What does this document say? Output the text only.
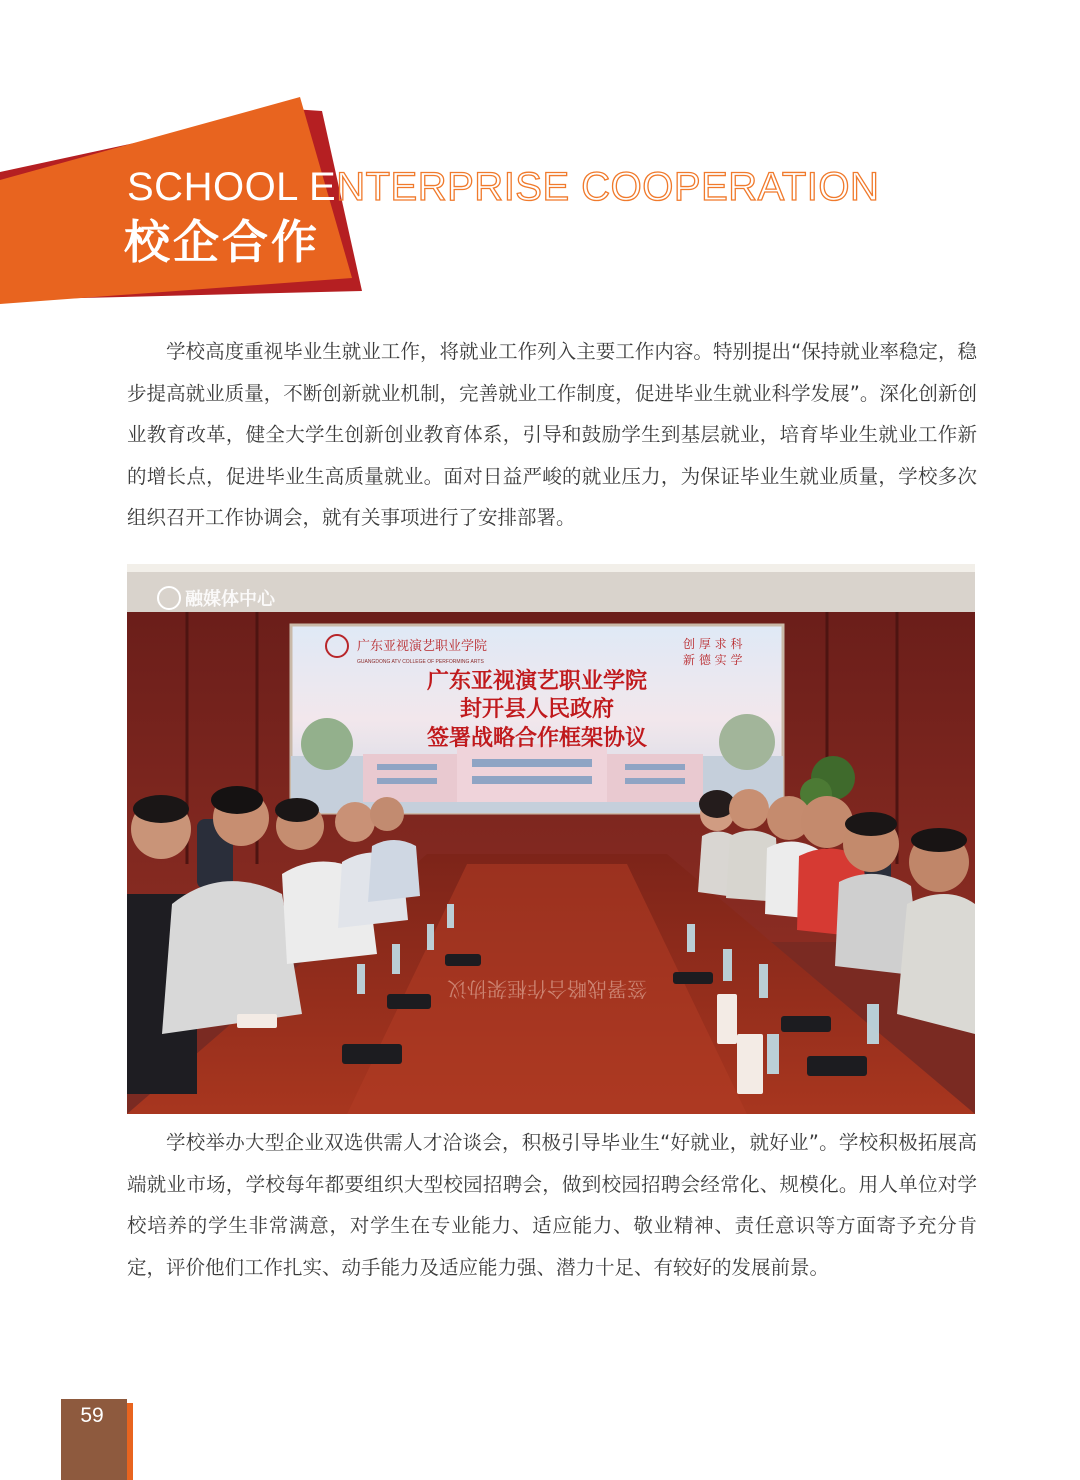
SCHOOL ENTERPRISE COOPERATION
校企合作
学校高度重视毕业生就业工作，将就业工作列入主要工作内容。特别提出“保持就业率稳定，稳步提高就业质量，不断创新就业机制，完善就业工作制度，促进毕业生就业科学发展”。深化创新创业教育改革，健全大学生创新创业教育体系，引导和鼓励学生到基层就业，培育毕业生就业工作新的增长点，促进毕业生高质量就业。面对日益严峻的就业压力，为保证毕业生就业质量，学校多次组织召开工作协调会，就有关事项进行了安排部署。
广东亚视演艺职业学院
GUANGDONG ATV COLLEGE OF PERFORMING ARTS
创 厚 求 科
新 德 实 学
广东亚视演艺职业学院
封开县人民政府
签署战略合作框架协议
签署战略合作框架协议
融媒体中心
学校举办大型企业双选供需人才洽谈会，积极引导毕业生“好就业，就好业”。学校积极拓展高端就业市场，学校每年都要组织大型校园招聘会，做到校园招聘会经常化、规模化。用人单位对学校培养的学生非常满意，对学生在专业能力、适应能力、敬业精神、责任意识等方面寄予充分肯定，评价他们工作扎实、动手能力及适应能力强、潜力十足、有较好的发展前景。
59
